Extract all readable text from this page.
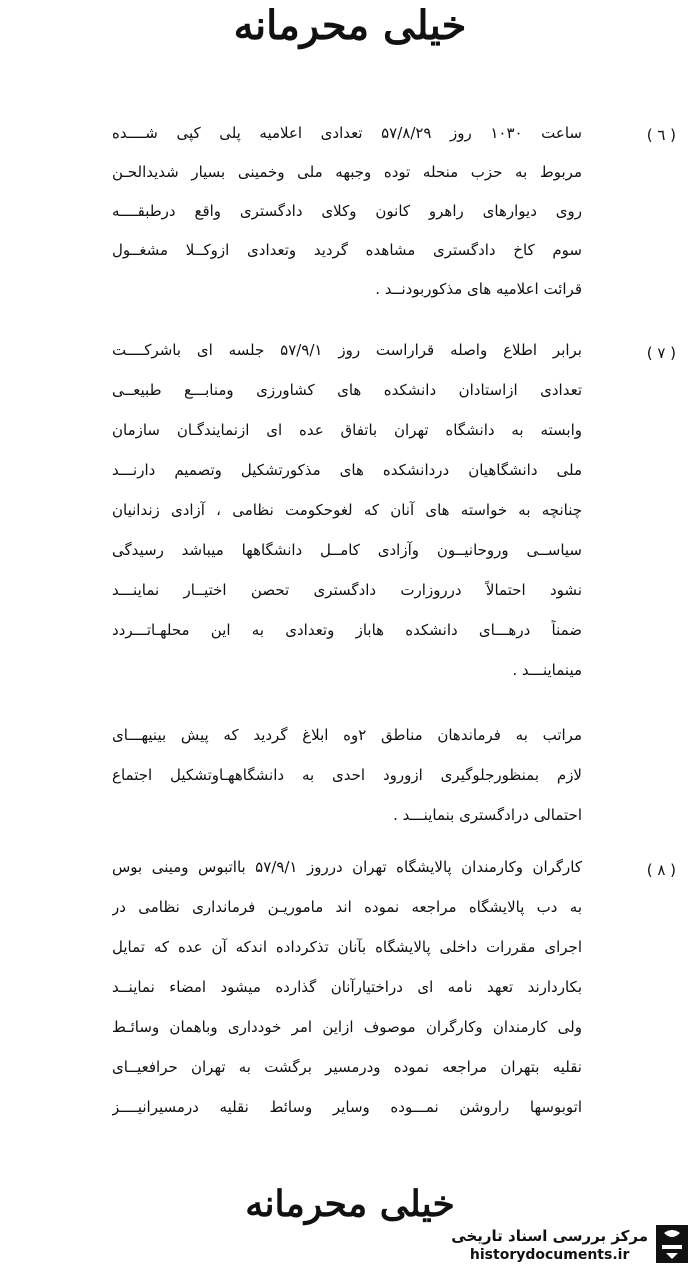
خیلی محرمانه
( ٦ )
ساعت ۱۰۳۰ روز ۵۷/۸/۲۹ تعدادی اعلامیه پلی کپی شــــده
مربوط به حزب منحله توده وجبهه ملی وخمینی بسیار شدیدالحـن
روی دیوارهای راهرو کانون وکلای دادگستری واقع درطبقــــه
سوم کاخ دادگستری مشاهده گردید وتعدادی ازوکــلا مشغــول
قرائت اعلامیه های مذکوربودنــد .
( ٧ )
برابر اطلاع واصله قراراست روز ۵۷/۹/۱ جلسه ای باشرکــــت
تعدادی ازاستادان دانشکده های کشاورزی ومنابـــع طبیعــی
وابسته به دانشگاه تهران باتفاق عده ای ازنمایندگـان سازمان
ملی دانشگاهیان دردانشکده های مذکورتشکیل وتصمیم دارنـــد
چنانچه به خواسته های آنان که لغوحکومت نظامی ، آزادی زندانیان
سیاســی وروحانیــون وآزادی کامــل دانشگاهها میباشد رسیدگی
نشود احتمالاً درروزارت دادگستری تحصن اختیــار نماینـــد
ضمناً درهـــای دانشکده هاباز وتعدادی به این محلهـاتـــردد
مینماینـــد .
مراتب به فرماندهان مناطق ۲وه ابلاغ گردید که پیش بینیهـــای
لازم بمنظورجلوگیری ازورود احدی به دانشگاههـاوتشکیل اجتماع
احتمالی درادگستری بنماینـــد .
( ٨ )
کارگران وکارمندان پالایشگاه تهران درروز ۵۷/۹/۱ بااتبوس ومینی بوس
به دب پالایشگاه مراجعه نموده اند ماموریـن فرمانداری نظامی در
اجرای مقررات داخلی پالایشگاه بآنان تذکرداده اندکه آن عده که تمایل
بکاردارند تعهد نامه ای دراختیارآنان گذارده میشود امضاء نماینــد
ولی کارمندان وکارگران موصوف ازاین امر خودداری وباهمان وسائـط
نقلیه بتهران مراجعه نموده ودرمسیر برگشت به تهران حرافعیــای
اتوبوسها راروشن نمـــوده وسایر وسائط نقلیه درمسیرانیــــز
خیلی محرمانه
مرکز بررسی اسناد تاریخی
historydocuments.ir
